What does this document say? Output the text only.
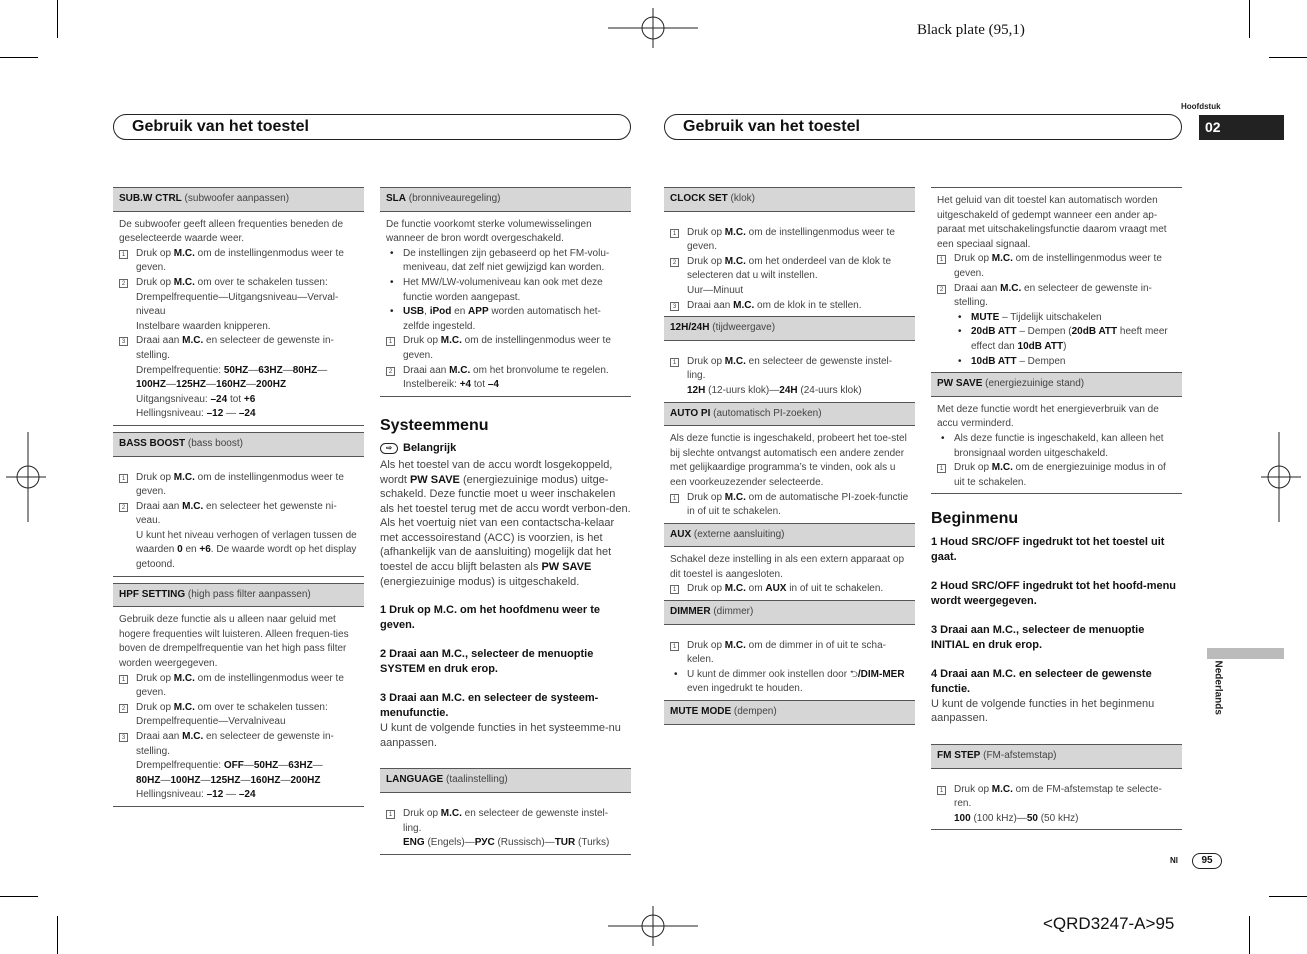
Black plate (95,1)
<QRD3247-A>95
Hoofdstuk
02
Nederlands
Gebruik van het toestel	Gebruik van het toestel
SUB.W CTRL (subwoofer aanpassen)
De subwoofer geeft alleen frequenties beneden de geselecteerde waarde weer.
1 Druk op M.C. om de instellingenmodus weer te geven.
2 Druk op M.C. om over te schakelen tussen:
Drempelfrequentie—Uitgangsniveau—Verval-niveau
Instelbare waarden knipperen.
3 Draai aan M.C. en selecteer de gewenste in-stelling.
Drempelfrequentie: 50HZ—63HZ—80HZ—
100HZ—125HZ—160HZ—200HZ
Uitgangsniveau: –24 tot +6
Hellingsniveau: –12 — –24
BASS BOOST (bass boost)
1 Druk op M.C. om de instellingenmodus weer te geven.
2 Draai aan M.C. en selecteer het gewenste ni-veau.
U kunt het niveau verhogen of verlagen tussen de waarden 0 en +6. De waarde wordt op het display getoond.
HPF SETTING (high pass filter aanpassen)
Gebruik deze functie als u alleen naar geluid met hogere frequenties wilt luisteren. Alleen frequen-ties boven de drempelfrequentie van het high pass filter worden weergegeven.
1 Druk op M.C. om de instellingenmodus weer te geven.
2 Druk op M.C. om over te schakelen tussen:
Drempelfrequentie—Vervalniveau
3 Draai aan M.C. en selecteer de gewenste in-stelling.
Drempelfrequentie: OFF—50HZ—63HZ—
80HZ—100HZ—125HZ—160HZ—200HZ
Hellingsniveau: –12 — –24
SLA (bronniveauregeling)
De functie voorkomt sterke volumewisselingen wanneer de bron wordt overgeschakeld.
• De instellingen zijn gebaseerd op het FM-volu-meniveau, dat zelf niet gewijzigd kan worden.
• Het MW/LW-volumeniveau kan ook met deze functie worden aangepast.
• USB, iPod en APP worden automatisch het-zelfde ingesteld.
1 Druk op M.C. om de instellingenmodus weer te geven.
2 Draai aan M.C. om het bronvolume te regelen.
Instelbereik: +4 tot –4
Systeemmenu
⇨	Belangrijk
Als het toestel van de accu wordt losgekoppeld, wordt PW SAVE (energiezuinige modus) uitge-schakeld. Deze functie moet u weer inschakelen als het toestel terug met de accu wordt verbon-den. Als het voertuig niet van een contactscha-kelaar met accessoirestand (ACC) is voorzien, is het (afhankelijk van de aansluiting) mogelijk dat het toestel de accu blijft belasten als PW SAVE (energiezuinige modus) is uitgeschakeld.
1 Druk op M.C. om het hoofdmenu weer te geven.
2 Draai aan M.C., selecteer de menuoptie SYSTEM en druk erop.
3 Draai aan M.C. en selecteer de systeem-menufunctie.
U kunt de volgende functies in het systeemme-nu aanpassen.
LANGUAGE (taalinstelling)
1 Druk op M.C. en selecteer de gewenste instel-ling.
ENG (Engels)—РУС (Russisch)—TUR (Turks)
CLOCK SET (klok)
1 Druk op M.C. om de instellingenmodus weer te geven.
2 Druk op M.C. om het onderdeel van de klok te selecteren dat u wilt instellen.
Uur—Minuut
3 Draai aan M.C. om de klok in te stellen.
12H/24H (tijdweergave)
1 Druk op M.C. en selecteer de gewenste instel-ling.
12H (12-uurs klok)—24H (24-uurs klok)
AUTO PI (automatisch PI-zoeken)
Als deze functie is ingeschakeld, probeert het toe-stel bij slechte ontvangst automatisch een andere zender met gelijkaardige programma’s te vinden, ook als u een voorkeuzezender selecteerde.
1 Druk op M.C. om de automatische PI-zoek-functie in of uit te schakelen.
AUX (externe aansluiting)
Schakel deze instelling in als een extern apparaat op dit toestel is aangesloten.
1 Druk op M.C. om AUX in of uit te schakelen.
DIMMER (dimmer)
1 Druk op M.C. om de dimmer in of uit te scha-kelen.
• U kunt de dimmer ook instellen door ⮌/DIM-MER even ingedrukt te houden.
MUTE MODE (dempen)
Het geluid van dit toestel kan automatisch worden uitgeschakeld of gedempt wanneer een ander ap-paraat met uitschakelingsfunctie daarom vraagt met een speciaal signaal.
1 Druk op M.C. om de instellingenmodus weer te geven.
2 Draai aan M.C. en selecteer de gewenste in-stelling.
• MUTE – Tijdelijk uitschakelen
• 20dB ATT – Dempen (20dB ATT heeft meer effect dan 10dB ATT)
• 10dB ATT – Dempen
PW SAVE (energiezuinige stand)
Met deze functie wordt het energieverbruik van de accu verminderd.
• Als deze functie is ingeschakeld, kan alleen het bronsignaal worden uitgeschakeld.
1 Druk op M.C. om de energiezuinige modus in of uit te schakelen.
Beginmenu
1 Houd SRC/OFF ingedrukt tot het toestel uit gaat.
2 Houd SRC/OFF ingedrukt tot het hoofd-menu wordt weergegeven.
3 Draai aan M.C., selecteer de menuoptie INITIAL en druk erop.
4 Draai aan M.C. en selecteer de gewenste functie.
U kunt de volgende functies in het beginmenu aanpassen.
FM STEP (FM-afstemstap)
1 Druk op M.C. om de FM-afstemstap te selecte-ren.
100 (100 kHz)—50 (50 kHz)
Nl	95
